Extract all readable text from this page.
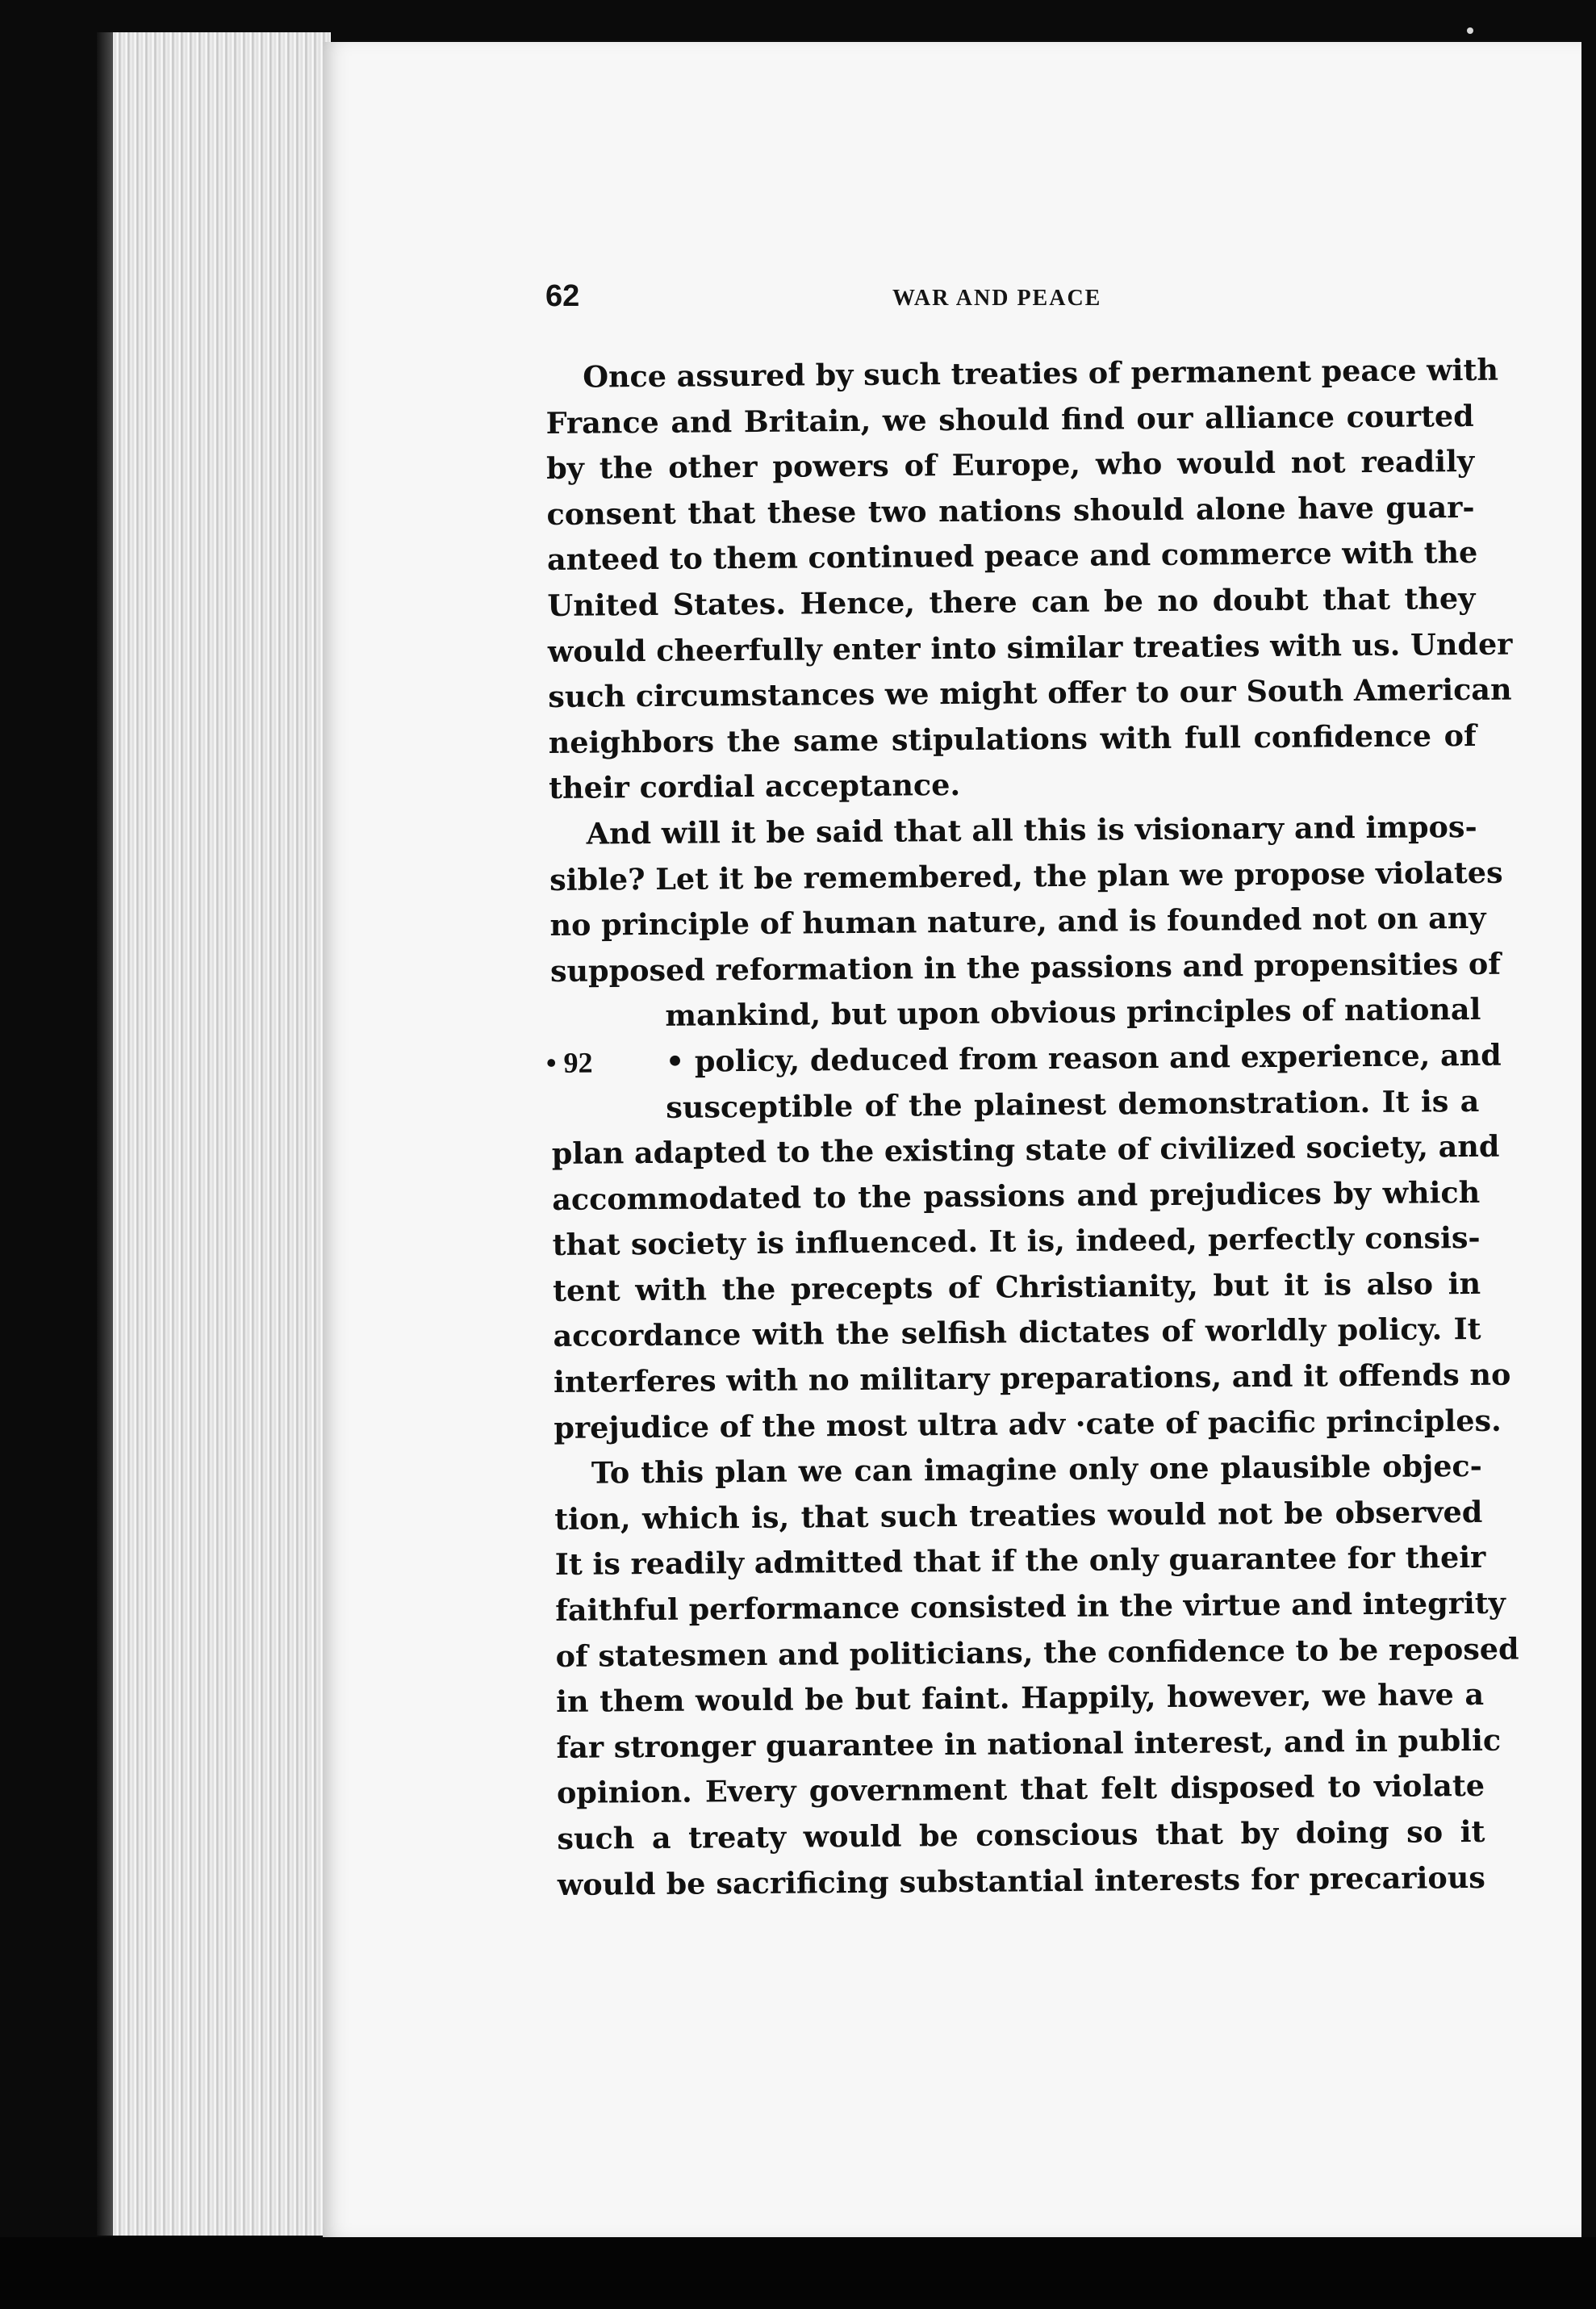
62	WAR AND PEACE
Once assured by such treaties of permanent peace with
France and Britain, we should find our alliance courted
by the other powers of Europe, who would not readily
consent that these two nations should alone have guar-
anteed to them continued peace and commerce with the
United States. Hence, there can be no doubt that they
would cheerfully enter into similar treaties with us. Under
such circumstances we might offer to our South American
neighbors the same stipulations with full confidence of
their cordial acceptance.
And will it be said that all this is visionary and impos-
sible? Let it be remembered, the plan we propose violates
no principle of human nature, and is founded not on any
supposed reformation in the passions and propensities of
mankind, but upon obvious principles of national
• 92 • policy, deduced from reason and experience, and
susceptible of the plainest demonstration. It is a
plan adapted to the existing state of civilized society, and
accommodated to the passions and prejudices by which
that society is influenced. It is, indeed, perfectly consis-
tent with the precepts of Christianity, but it is also in
accordance with the selfish dictates of worldly policy. It
interferes with no military preparations, and it offends no
prejudice of the most ultra adv ·cate of pacific principles.
To this plan we can imagine only one plausible objec-
tion, which is, that such treaties would not be observed
It is readily admitted that if the only guarantee for their
faithful performance consisted in the virtue and integrity
of statesmen and politicians, the confidence to be reposed
in them would be but faint. Happily, however, we have a
far stronger guarantee in national interest, and in public
opinion. Every government that felt disposed to violate
such a treaty would be conscious that by doing so it
would be sacrificing substantial interests for precarious
